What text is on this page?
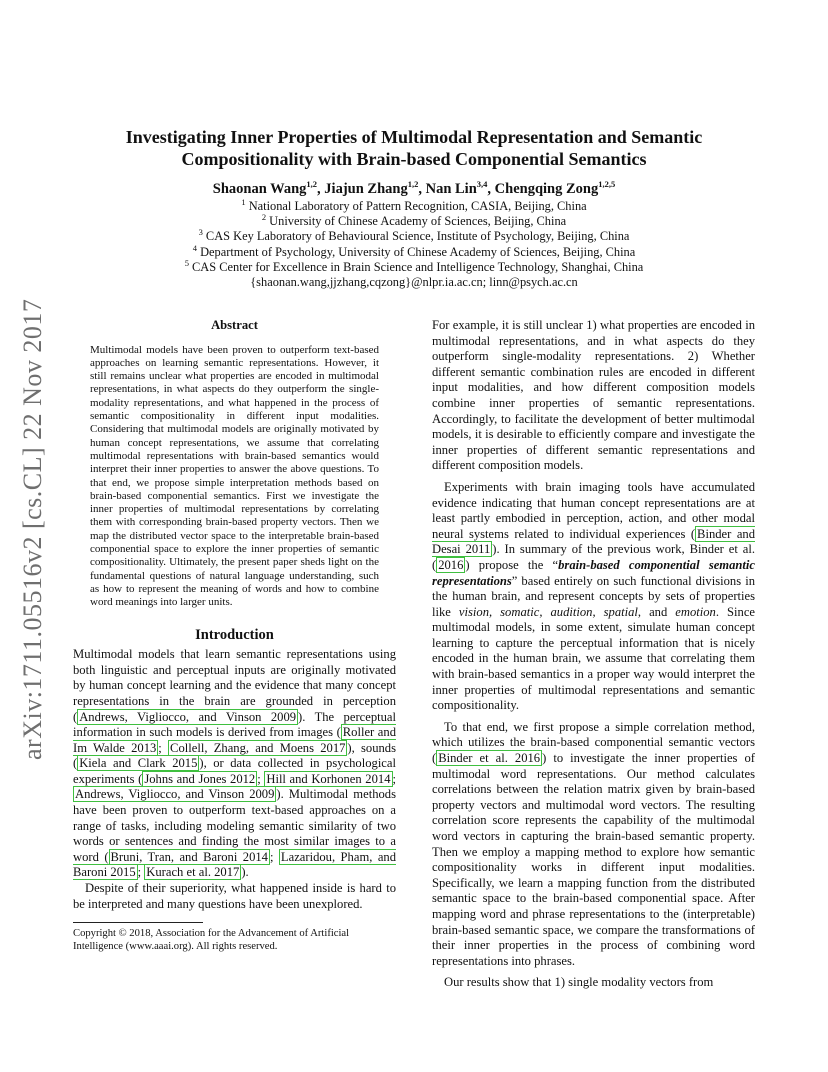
arXiv:1711.05516v2 [cs.CL] 22 Nov 2017
Investigating Inner Properties of Multimodal Representation and Semantic
Compositionality with Brain-based Componential Semantics
Shaonan Wang$^{1,2}$, Jiajun Zhang$^{1,2}$, Nan Lin$^{3,4}$, Chengqing Zong$^{1,2,5}$
$^1$ National Laboratory of Pattern Recognition, CASIA, Beijing, China
$^2$ University of Chinese Academy of Sciences, Beijing, China
$^3$ CAS Key Laboratory of Behavioural Science, Institute of Psychology, Beijing, China
$^4$ Department of Psychology, University of Chinese Academy of Sciences, Beijing, China
$^5$ CAS Center for Excellence in Brain Science and Intelligence Technology, Shanghai, China
{shaonan.wang,jjzhang,cqzong}@nlpr.ia.ac.cn; linn@psych.ac.cn
Abstract
Multimodal models have been proven to outperform text-based approaches on learning semantic representations. However, it still remains unclear what properties are encoded in multimodal representations, in what aspects do they outperform the single-modality representations, and what happened in the process of semantic compositionality in different input modalities. Considering that multimodal models are originally motivated by human concept representations, we assume that correlating multimodal representations with brain-based semantics would interpret their inner properties to answer the above questions. To that end, we propose simple interpretation methods based on brain-based componential semantics. First we investigate the inner properties of multimodal representations by correlating them with corresponding brain-based property vectors. Then we map the distributed vector space to the interpretable brain-based componential space to explore the inner properties of semantic compositionality. Ultimately, the present paper sheds light on the fundamental questions of natural language understanding, such as how to represent the meaning of words and how to combine word meanings into larger units.
Introduction

Multimodal models that learn semantic representations using both linguistic and perceptual inputs are originally motivated by human concept learning and the evidence that many concept representations in the brain are grounded in perception ( Andrews, Vigliocco, and Vinson 2009 ). The perceptual information in such models is derived from images ( Roller and Im Walde 2013 ; Collell, Zhang, and Moens 2017 ), sounds ( Kiela and Clark 2015 ), or data collected in psychological experiments ( Johns and Jones 2012 ; Hill and Korhonen 2014 ; Andrews, Vigliocco, and Vinson 2009 ). Multimodal methods have been proven to outperform text-based approaches on a range of tasks, including modeling semantic similarity of two words or sentences and finding the most similar images to a word ( Bruni, Tran, and Baroni 2014 ; Lazaridou, Pham, and Baroni 2015 ; Kurach et al. 2017 ).

Despite of their superiority, what happened inside is hard to be interpreted and many questions have been unexplored.

Copyright © 2018, Association for the Advancement of Artificial Intelligence (www.aaai.org). All rights reserved.

For example, it is still unclear 1) what properties are encoded in multimodal representations, and in what aspects do they outperform single-modality representations. 2) Whether different semantic combination rules are encoded in different input modalities, and how different composition models combine inner properties of semantic representations. Accordingly, to facilitate the development of better multimodal models, it is desirable to efficiently compare and investigate the inner properties of different semantic representations and different composition models.

Experiments with brain imaging tools have accumulated evidence indicating that human concept representations are at least partly embodied in perception, action, and other modal neural systems related to individual experiences ( Binder and Desai 2011 ). In summary of the previous work, Binder et al. ( 2016 ) propose the “brain-based componential semantic representations” based entirely on such functional divisions in the human brain, and represent concepts by sets of properties like vision, somatic, audition, spatial, and emotion. Since multimodal models, in some extent, simulate human concept learning to capture the perceptual information that is nicely encoded in the human brain, we assume that correlating them with brain-based semantics in a proper way would interpret the inner properties of multimodal representations and semantic compositionality.

To that end, we first propose a simple correlation method, which utilizes the brain-based componential semantic vectors ( Binder et al. 2016 ) to investigate the inner properties of multimodal word representations. Our method calculates correlations between the relation matrix given by brain-based property vectors and multimodal word vectors. The resulting correlation score represents the capability of the multimodal word vectors in capturing the brain-based semantic property. Then we employ a mapping method to explore how semantic compositionality works in different input modalities. Specifically, we learn a mapping function from the distributed semantic space to the brain-based componential space. After mapping word and phrase representations to the (interpretable) brain-based semantic space, we compare the transformations of their inner properties in the process of combining word representations into phrases.

Our results show that 1) single modality vectors from
